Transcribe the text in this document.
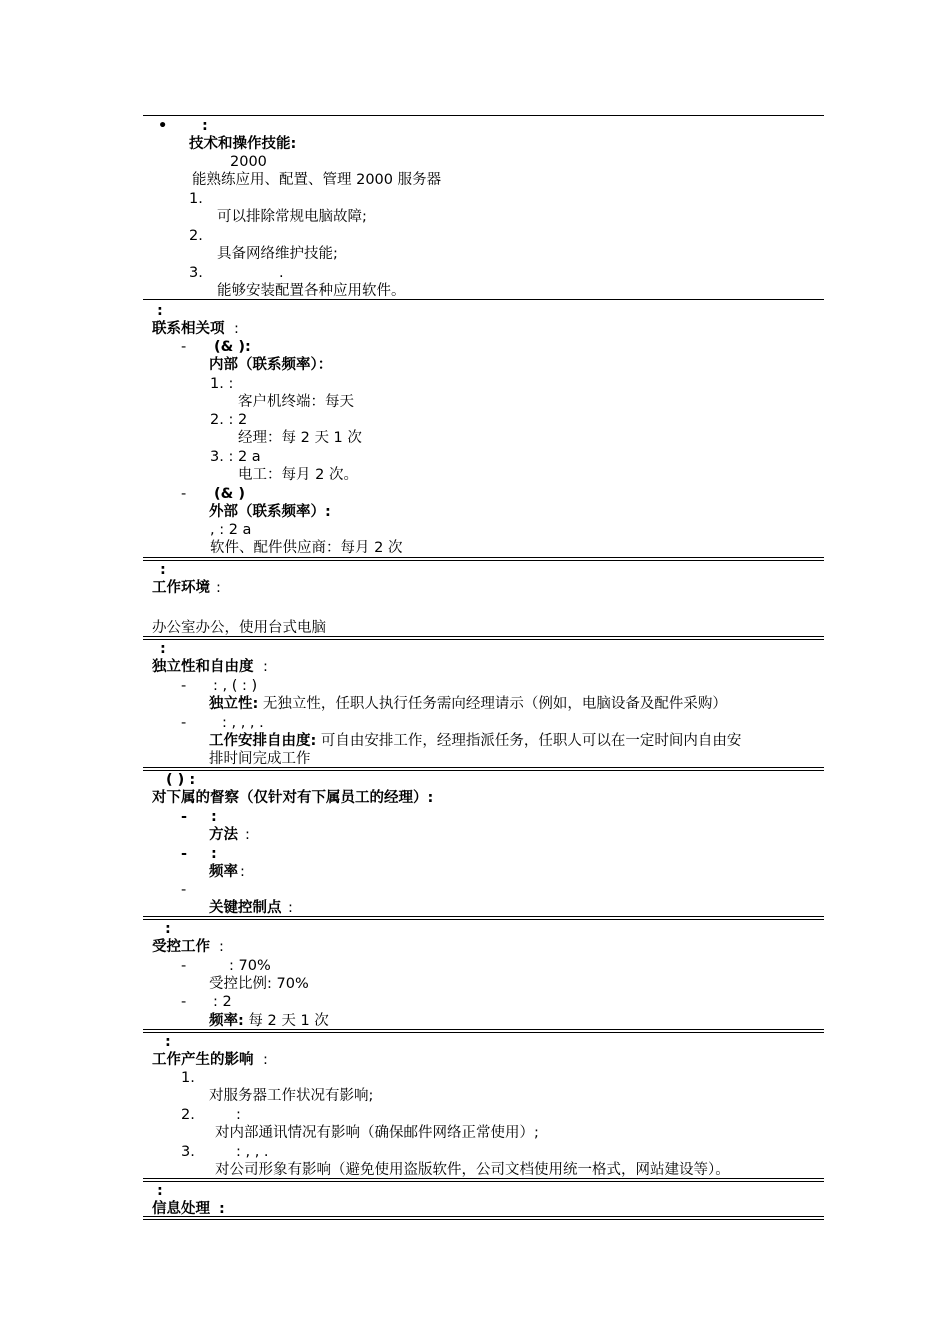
• :
技术和操作技能:
2000
能熟练应用、配置、管理 2000 服务器
1.
可以排除常规电脑故障;
2.
具备网络维护技能;
3.	.
能够安装配置各种应用软件。
:
联系相关项 :
- (& ):
内部（联系频率）：
1. :
客户机终端：每天
2. : 2
经理：每 2 天 1 次
3. : 2 a
电工：每月 2 次。
- (& )
外部（联系频率）:
, : 2 a
软件、配件供应商：每月 2 次
:
工作环境 :
办公室办公，使用台式电脑
:
独立性和自由度 :
- : , ( : )
独立性: 无独立性，任职人执行任务需向经理请示（例如，电脑设备及配件采购）
- : , , , .
工作安排自由度: 可自由安排工作，经理指派任务，任职人可以在一定时间内自由安
排时间完成工作
( ) :
对下属的督察（仅针对有下属员工的经理）:
- :
方法 :
- :
频率 :
-
关键控制点 :
:
受控工作 :
-	: 70%
受控比例: 70%
- : 2
频率: 每 2 天 1 次
:
工作产生的影响 :
1.
对服务器工作状况有影响;
2.	:
对内部通讯情况有影响（确保邮件网络正常使用）;
3.	: , , .
对公司形象有影响（避免使用盗版软件，公司文档使用统一格式，网站建设等）。
:
信息处理 :
